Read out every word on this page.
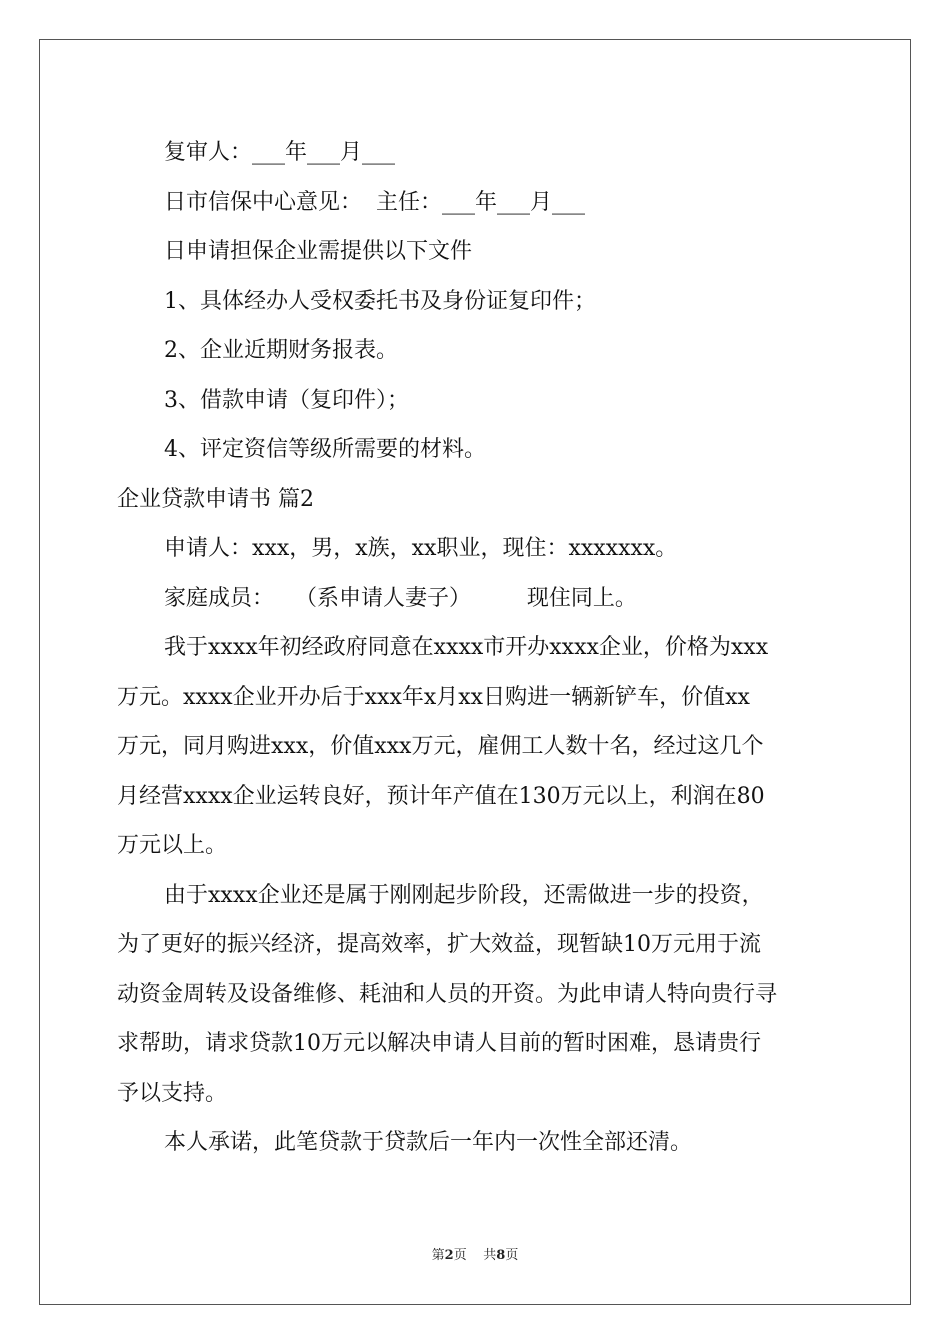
复审人：___年___月___

日市信保中心意见：  主任：___年___月___

日申请担保企业需提供以下文件

1、具体经办人受权委托书及身份证复印件；

2、企业近期财务报表。

3、借款申请（复印件）；

4、评定资信等级所需要的材料。

企业贷款申请书 篇2

申请人：xxx，男，x族，xx职业，现住：xxxxxxx。

家庭成员：   （系申请人妻子）        现住同上。

我于xxxx年初经政府同意在xxxx市开办xxxx企业，价格为xxx

万元。xxxx企业开办后于xxx年x月xx日购进一辆新铲车，价值xx

万元，同月购进xxx，价值xxx万元，雇佣工人数十名，经过这几个

月经营xxxx企业运转良好，预计年产值在130万元以上，利润在80

万元以上。

由于xxxx企业还是属于刚刚起步阶段，还需做进一步的投资，

为了更好的振兴经济，提高效率，扩大效益，现暂缺10万元用于流

动资金周转及设备维修、耗油和人员的开资。为此申请人特向贵行寻

求帮助，请求贷款10万元以解决申请人目前的暂时困难，恳请贵行

予以支持。

本人承诺，此笔贷款于贷款后一年内一次性全部还清。

第2页 共8页
